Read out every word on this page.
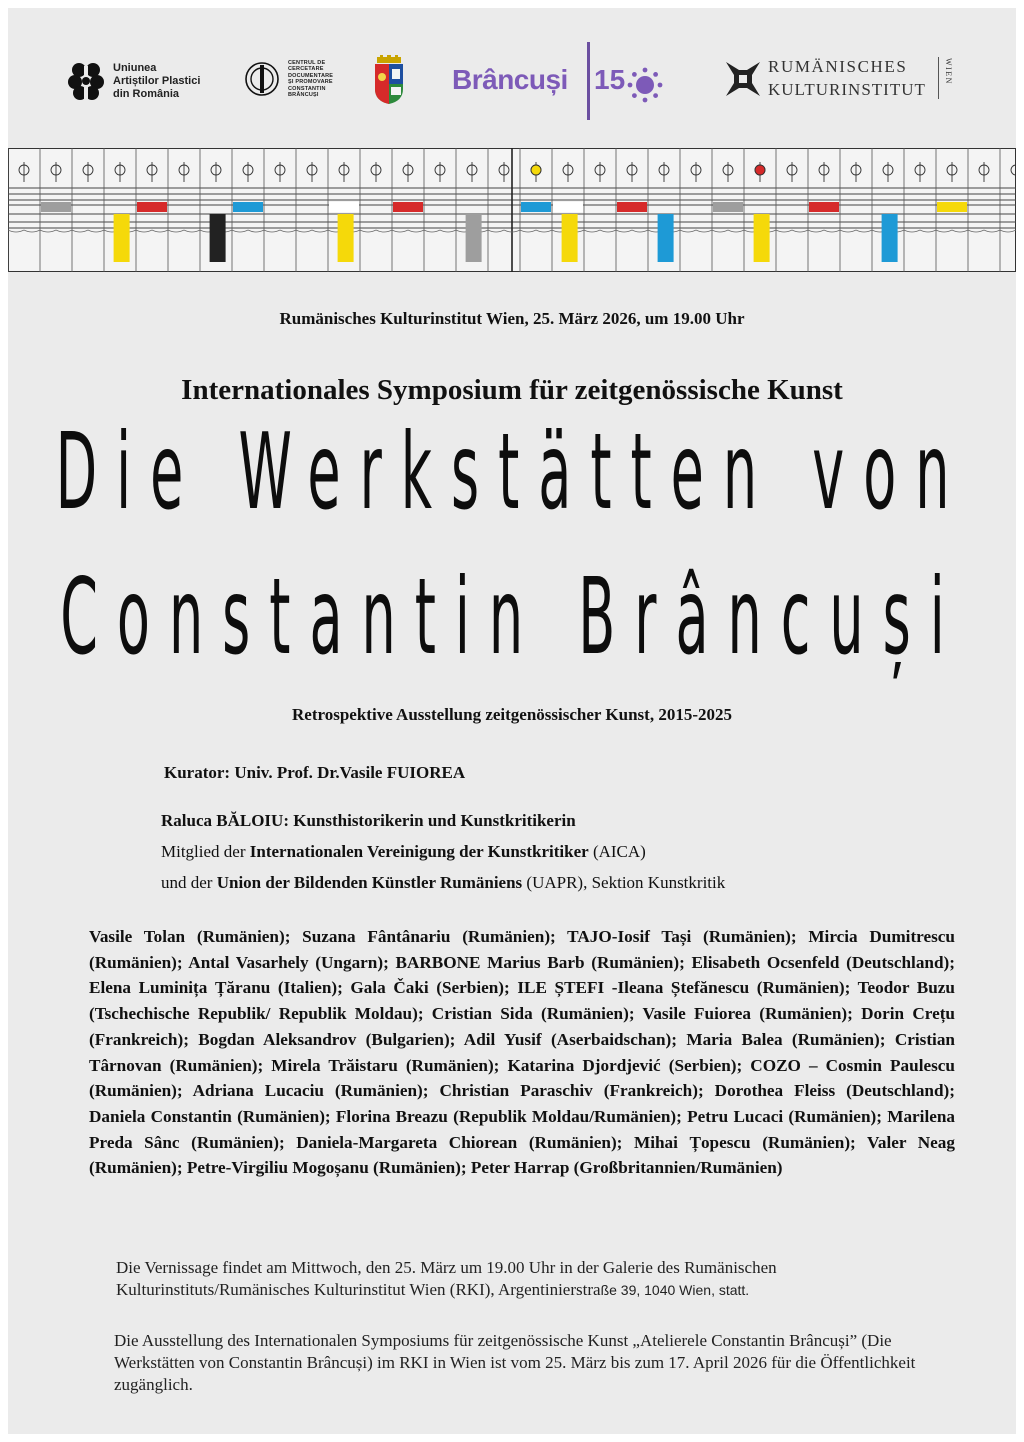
Uniunea
Artiștilor Plastici
din România
CENTRUL DE
CERCETARE
DOCUMENTARE
ȘI PROMOVARE
CONSTANTIN
BRÂNCUȘI
Brâncuși 15	RUMÄNISCHES
KULTURINSTITUT
WIEN
Rumänisches Kulturinstitut Wien, 25. März 2026, um 19.00 Uhr
Internationales Symposium für zeitgenössische Kunst
Die Werkstätten von
Constantin Brâncuși
Retrospektive Ausstellung zeitgenössischer Kunst, 2015-2025
Kurator: Univ. Prof. Dr.Vasile FUIOREA
Raluca BĂLOIU: Kunsthistorikerin und Kunstkritikerin
Mitglied der Internationalen Vereinigung der Kunstkritiker (AICA)
und der Union der Bildenden Künstler Rumäniens (UAPR), Sektion Kunstkritik
Vasile Tolan (Rumänien); Suzana Fântânariu (Rumänien); TAJO-Iosif Tași (Rumänien); Mircia Dumitrescu (Rumänien); Antal Vasarhely (Ungarn); BARBONE Marius Barb (Rumänien); Elisabeth Ocsenfeld (Deutschland); Elena Luminița Țăranu (Italien); Gala Čaki (Serbien); ILE ȘTEFI -Ileana Ștefănescu (Rumänien); Teodor Buzu (Tschechische Republik/ Republik Moldau); Cristian Sida (Rumänien); Vasile Fuiorea (Rumänien); Dorin Crețu (Frankreich); Bogdan Aleksandrov (Bulgarien); Adil Yusif (Aserbaidschan); Maria Balea (Rumänien); Cristian Târnovan (Rumänien); Mirela Trăistaru (Rumänien); Katarina Djordjević (Serbien); COZO – Cosmin Paulescu (Rumänien); Adriana Lucaciu (Rumänien); Christian Paraschiv (Frankreich); Dorothea Fleiss (Deutschland); Daniela Constantin (Rumänien); Florina Breazu (Republik Moldau/Rumänien); Petru Lucaci (Rumänien); Marilena Preda Sânc (Rumänien); Daniela-Margareta Chiorean (Rumänien); Mihai Țopescu (Rumänien); Valer Neag (Rumänien); Petre-Virgiliu Mogoșanu (Rumänien); Peter Harrap (Großbritannien/Rumänien)
Die Vernissage findet am Mittwoch, den 25. März um 19.00 Uhr in der Galerie des Rumänischen Kulturinstituts/Rumänisches Kulturinstitut Wien (RKI), Argentinierstraße 39, 1040 Wien, statt.
Die Ausstellung des Internationalen Symposiums für zeitgenössische Kunst „Atelierele Constantin Brâncuși” (Die Werkstätten von Constantin Brâncuși) im RKI in Wien ist vom 25. März bis zum 17. April 2026 für die Öffentlichkeit zugänglich.
